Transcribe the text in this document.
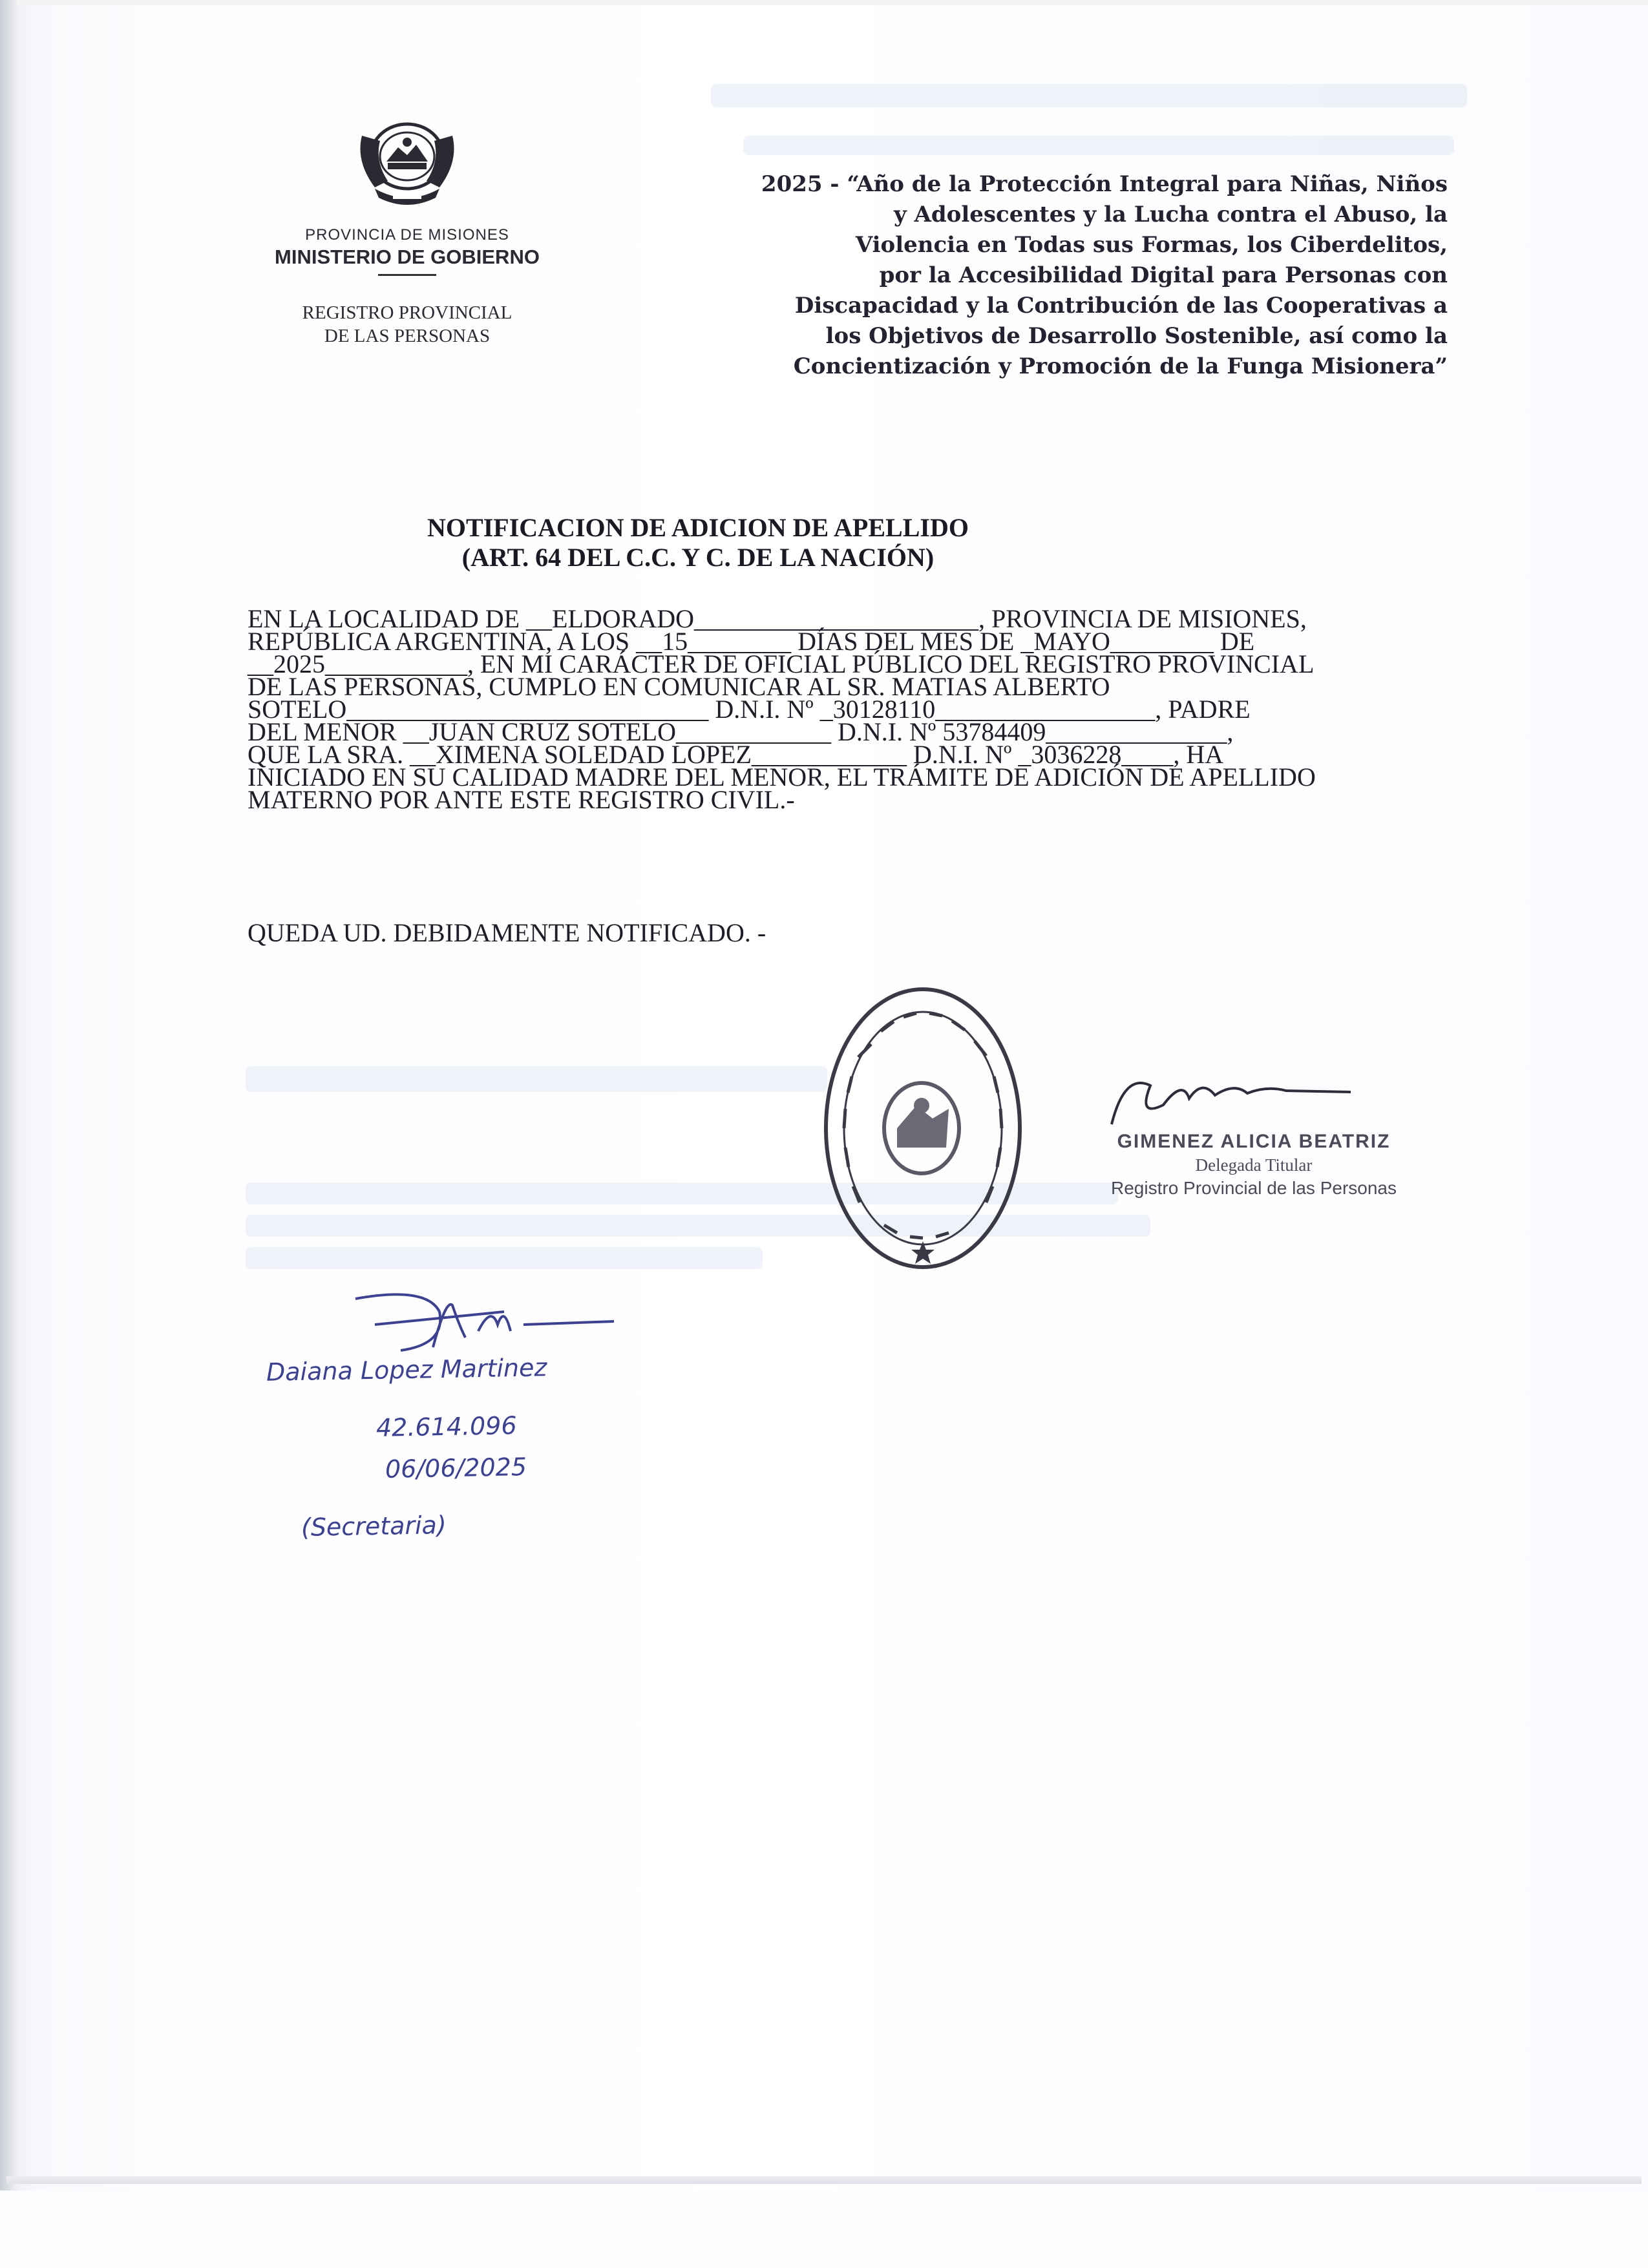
PROVINCIA DE MISIONES
MINISTERIO DE GOBIERNO
REGISTRO PROVINCIAL
DE LAS PERSONAS
2025 - “Año de la Protección Integral para Niñas, Niños
y Adolescentes y la Lucha contra el Abuso, la
Violencia en Todas sus Formas, los Ciberdelitos,
por la Accesibilidad Digital para Personas con
Discapacidad y la Contribución de las Cooperativas a
los Objetivos de Desarrollo Sostenible, así como la
Concientización y Promoción de la Funga Misionera”
NOTIFICACION DE ADICION DE APELLIDO
(ART. 64 DEL C.C. Y C. DE LA NACIÓN)
EN LA LOCALIDAD DE __ELDORADO______________________, PROVINCIA DE MISIONES,
REPÚBLICA ARGENTINA, A LOS __15________ DÍAS DEL MES DE _MAYO________ DE
__2025___________, EN MI CARÁCTER DE OFICIAL PÚBLICO DEL REGISTRO PROVINCIAL
DE LAS PERSONAS, CUMPLO EN COMUNICAR AL SR. MATIAS ALBERTO
SOTELO____________________________ D.N.I. Nº _30128110_________________, PADRE
DEL MENOR __JUAN CRUZ SOTELO____________ D.N.I. Nº 53784409______________,
QUE LA SRA. __XIMENA SOLEDAD LOPEZ____________ D.N.I. Nº _3036228____, HA
INICIADO EN SU CALIDAD MADRE DEL MENOR, EL TRÁMITE DE ADICIÓN DE APELLIDO
MATERNO POR ANTE ESTE REGISTRO CIVIL.-
QUEDA UD. DEBIDAMENTE NOTIFICADO. -
GIMENEZ ALICIA BEATRIZ
Delegada Titular
Registro Provincial de las Personas
Daiana Lopez Martinez
42.614.096
06/06/2025
(Secretaria)
